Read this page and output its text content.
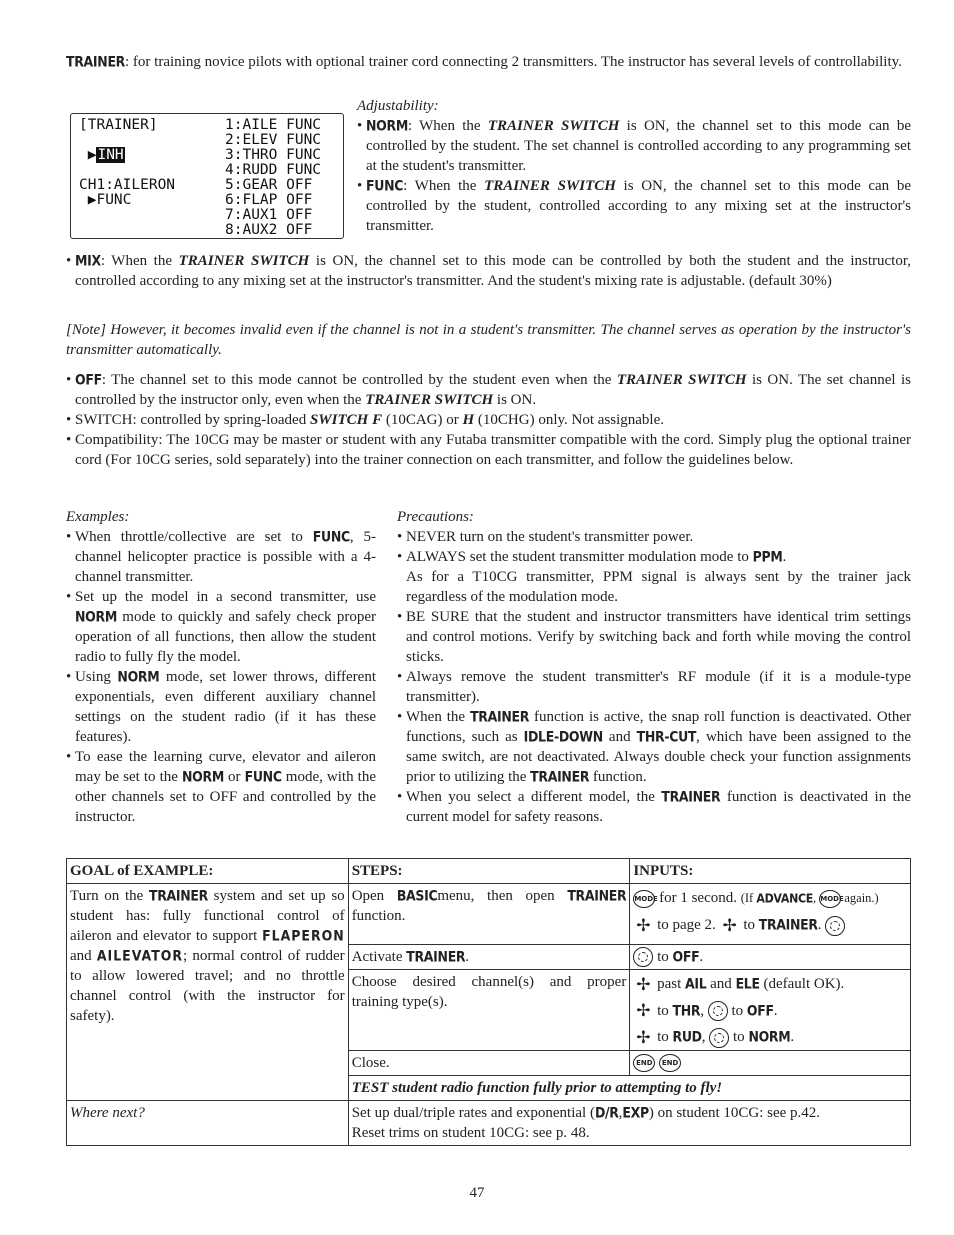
TRAINER: for training novice pilots with optional trainer cord connecting 2 transmitters. The instructor has several levels of controllability.
[TRAINER]

▶INH

CH1:AILERON
▶FUNC
1:AILE FUNC
2:ELEV FUNC
3:THRO FUNC
4:RUDD FUNC
5:GEAR OFF
6:FLAP OFF
7:AUX1 OFF
8:AUX2 OFF
Adjustability:
• NORM: When the TRAINER SWITCH is ON, the channel set to this mode can be controlled by the student. The set channel is controlled according to any programming set at the student's transmitter.
• FUNC: When the TRAINER SWITCH is ON, the channel set to this mode can be controlled by the student, controlled according to any mixing set at the instructor's transmitter.
• MIX: When the TRAINER SWITCH is ON, the channel set to this mode can be controlled by both the student and the instructor, controlled according to any mixing set at the instructor's transmitter. And the student's mixing rate is adjustable. (default 30%)
[Note] However, it becomes invalid even if the channel is not in a student's transmitter. The channel serves as operation by the instructor's transmitter automatically.
• OFF: The channel set to this mode cannot be controlled by the student even when the TRAINER SWITCH is ON. The set channel is controlled by the instructor only, even when the TRAINER SWITCH is ON.
• SWITCH: controlled by spring-loaded SWITCH F (10CAG) or H (10CHG) only. Not assignable.
• Compatibility: The 10CG may be master or student with any Futaba transmitter compatible with the cord. Simply plug the optional trainer cord (For 10CG series, sold separately) into the trainer connection on each transmitter, and follow the guidelines below.
Examples:
• When throttle/collective are set to FUNC, 5-channel helicopter practice is possible with a 4-channel transmitter.
• Set up the model in a second transmitter, use NORM mode to quickly and safely check proper operation of all functions, then allow the student radio to fully fly the model.
• Using NORM mode, set lower throws, different exponentials, even different auxiliary channel settings on the student radio (if it has these features).
• To ease the learning curve, elevator and aileron may be set to the NORM or FUNC mode, with the other channels set to OFF and controlled by the instructor.
Precautions:
• NEVER turn on the student's transmitter power.
• ALWAYS set the student transmitter modulation mode to PPM.
As for a T10CG transmitter, PPM signal is always sent by the trainer jack regardless of the modulation mode.
• BE SURE that the student and instructor transmitters have identical trim settings and control motions. Verify by switching back and forth while moving the control sticks.
• Always remove the student transmitter's RF module (if it is a module-type transmitter).
• When the TRAINER function is active, the snap roll function is deactivated. Other functions, such as IDLE-DOWN and THR-CUT, which have been assigned to the same switch, are not deactivated. Always double check your function assignments prior to utilizing the TRAINER function.
• When you select a different model, the TRAINER function is deactivated in the current model for safety reasons.
GOAL of EXAMPLE:	STEPS:	INPUTS:
Turn on the TRAINER system and set up so student has: fully functional control of aileron and elevator to support FLAPERON and AILEVATOR; normal control of rudder to allow lowered travel; and no throttle channel control (with the instructor for safety).	Open BASICmenu, then open TRAINER function.	MODE for 1 second. (If ADVANCE, MODE again.)
✢ to page 2. ✢ to TRAINER.

	Activate TRAINER.	to OFF.
	Choose desired channel(s) and proper training type(s).	✢ past AIL and ELE (default OK).
✢ to THR,  to OFF.
✢ to RUD,  to NORM.

	Close.	END END
	TEST student radio function fully prior to attempting to fly!	
Where next?	Set up dual/triple rates and exponential (D/R,EXP) on student 10CG: see p.42.
Reset trims on student 10CG: see p. 48.	
47
